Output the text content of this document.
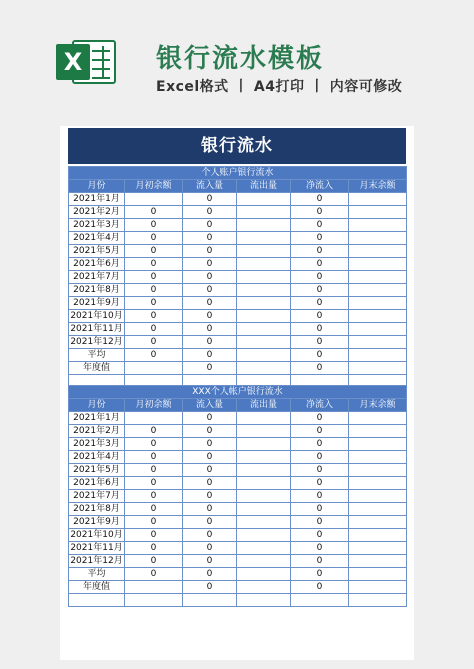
X	银行流水模板
Excel格式 丨 A4打印 丨 内容可修改
银行流水
个人账户银行流水					
月份	月初余额	流入量	流出量	净流入	月末余额
2021年1月		0		0	
2021年2月	0	0		0	
2021年3月	0	0		0	
2021年4月	0	0		0	
2021年5月	0	0		0	
2021年6月	0	0		0	
2021年7月	0	0		0	
2021年8月	0	0		0	
2021年9月	0	0		0	
2021年10月	0	0		0	
2021年11月	0	0		0	
2021年12月	0	0		0	
平均	0	0		0	
年度值		0		0	

XXX个人帐户银行流水					
月份	月初余额	流入量	流出量	净流入	月末余额
2021年1月		0		0	
2021年2月	0	0		0	
2021年3月	0	0		0	
2021年4月	0	0		0	
2021年5月	0	0		0	
2021年6月	0	0		0	
2021年7月	0	0		0	
2021年8月	0	0		0	
2021年9月	0	0		0	
2021年10月	0	0		0	
2021年11月	0	0		0	
2021年12月	0	0		0	
平均	0	0		0	
年度值		0		0	
